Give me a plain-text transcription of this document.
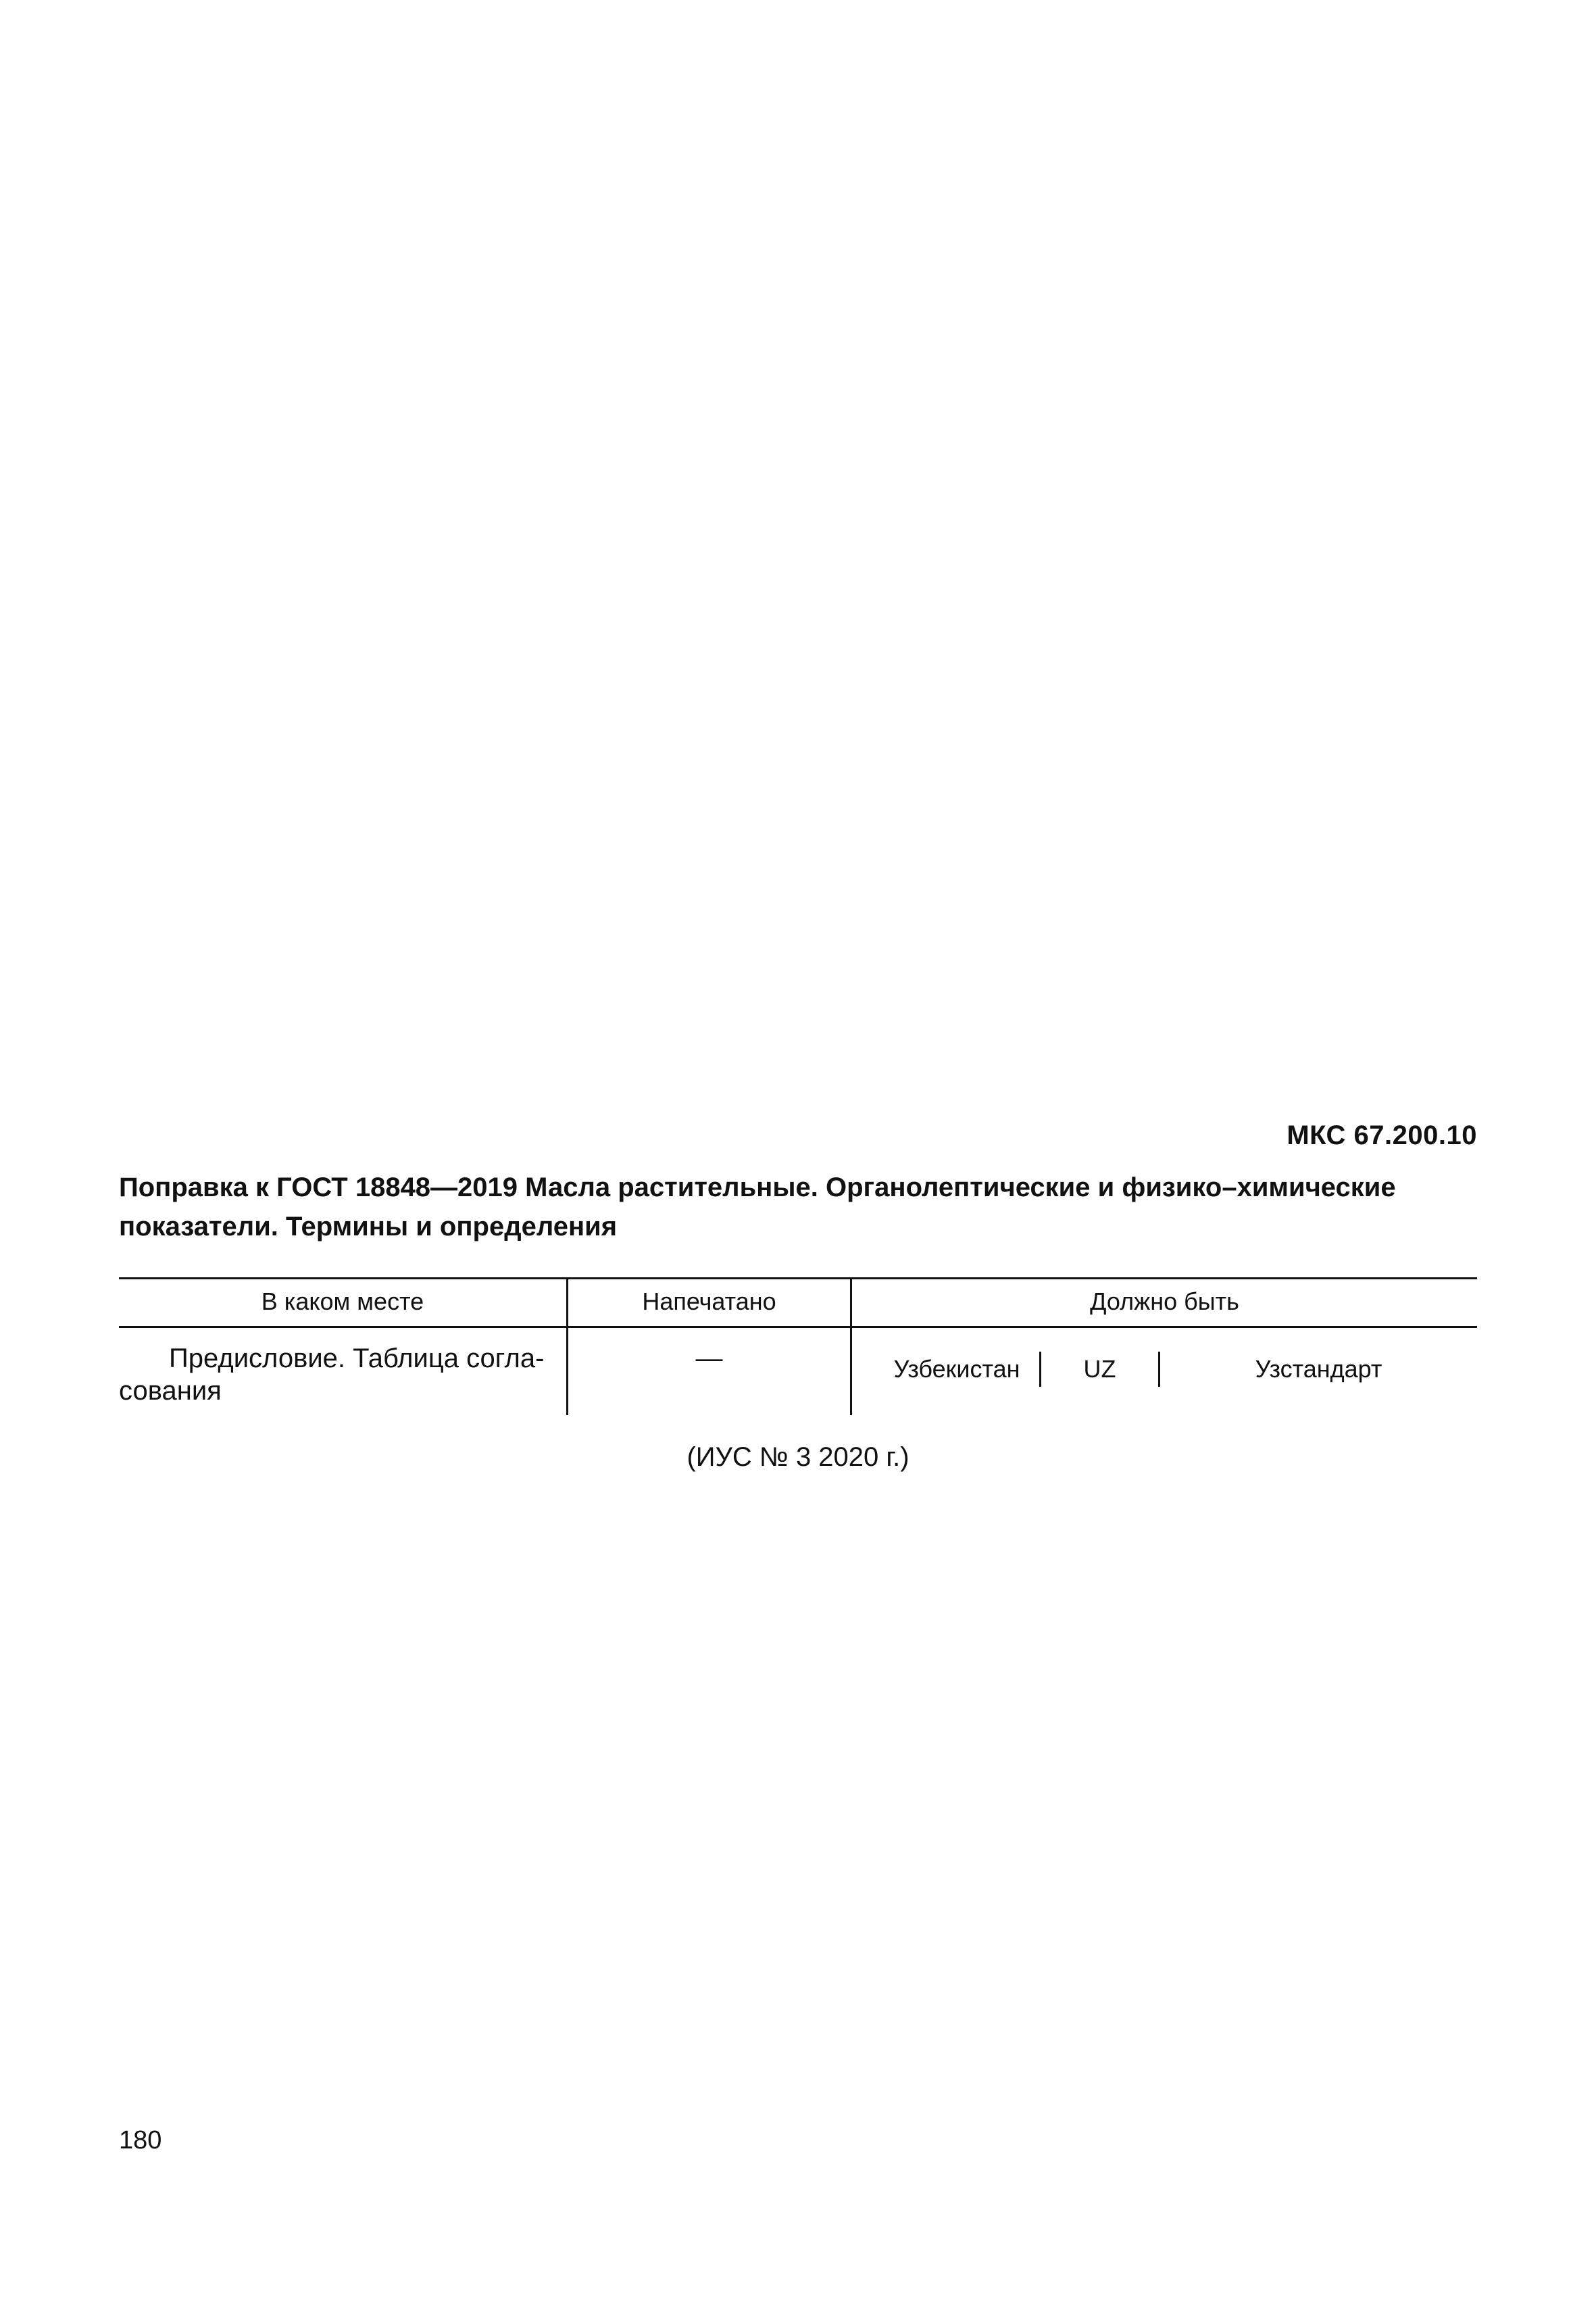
МКС 67.200.10
Поправка к ГОСТ 18848—2019 Масла растительные. Органолептические и физико–химические
показатели. Термины и определения
В каком месте	Напечатано	Должно быть
Предисловие. Таблица согла-
сования
—	Узбекистан	UZ	Узстандарт
(ИУС № 3 2020 г.)
180
